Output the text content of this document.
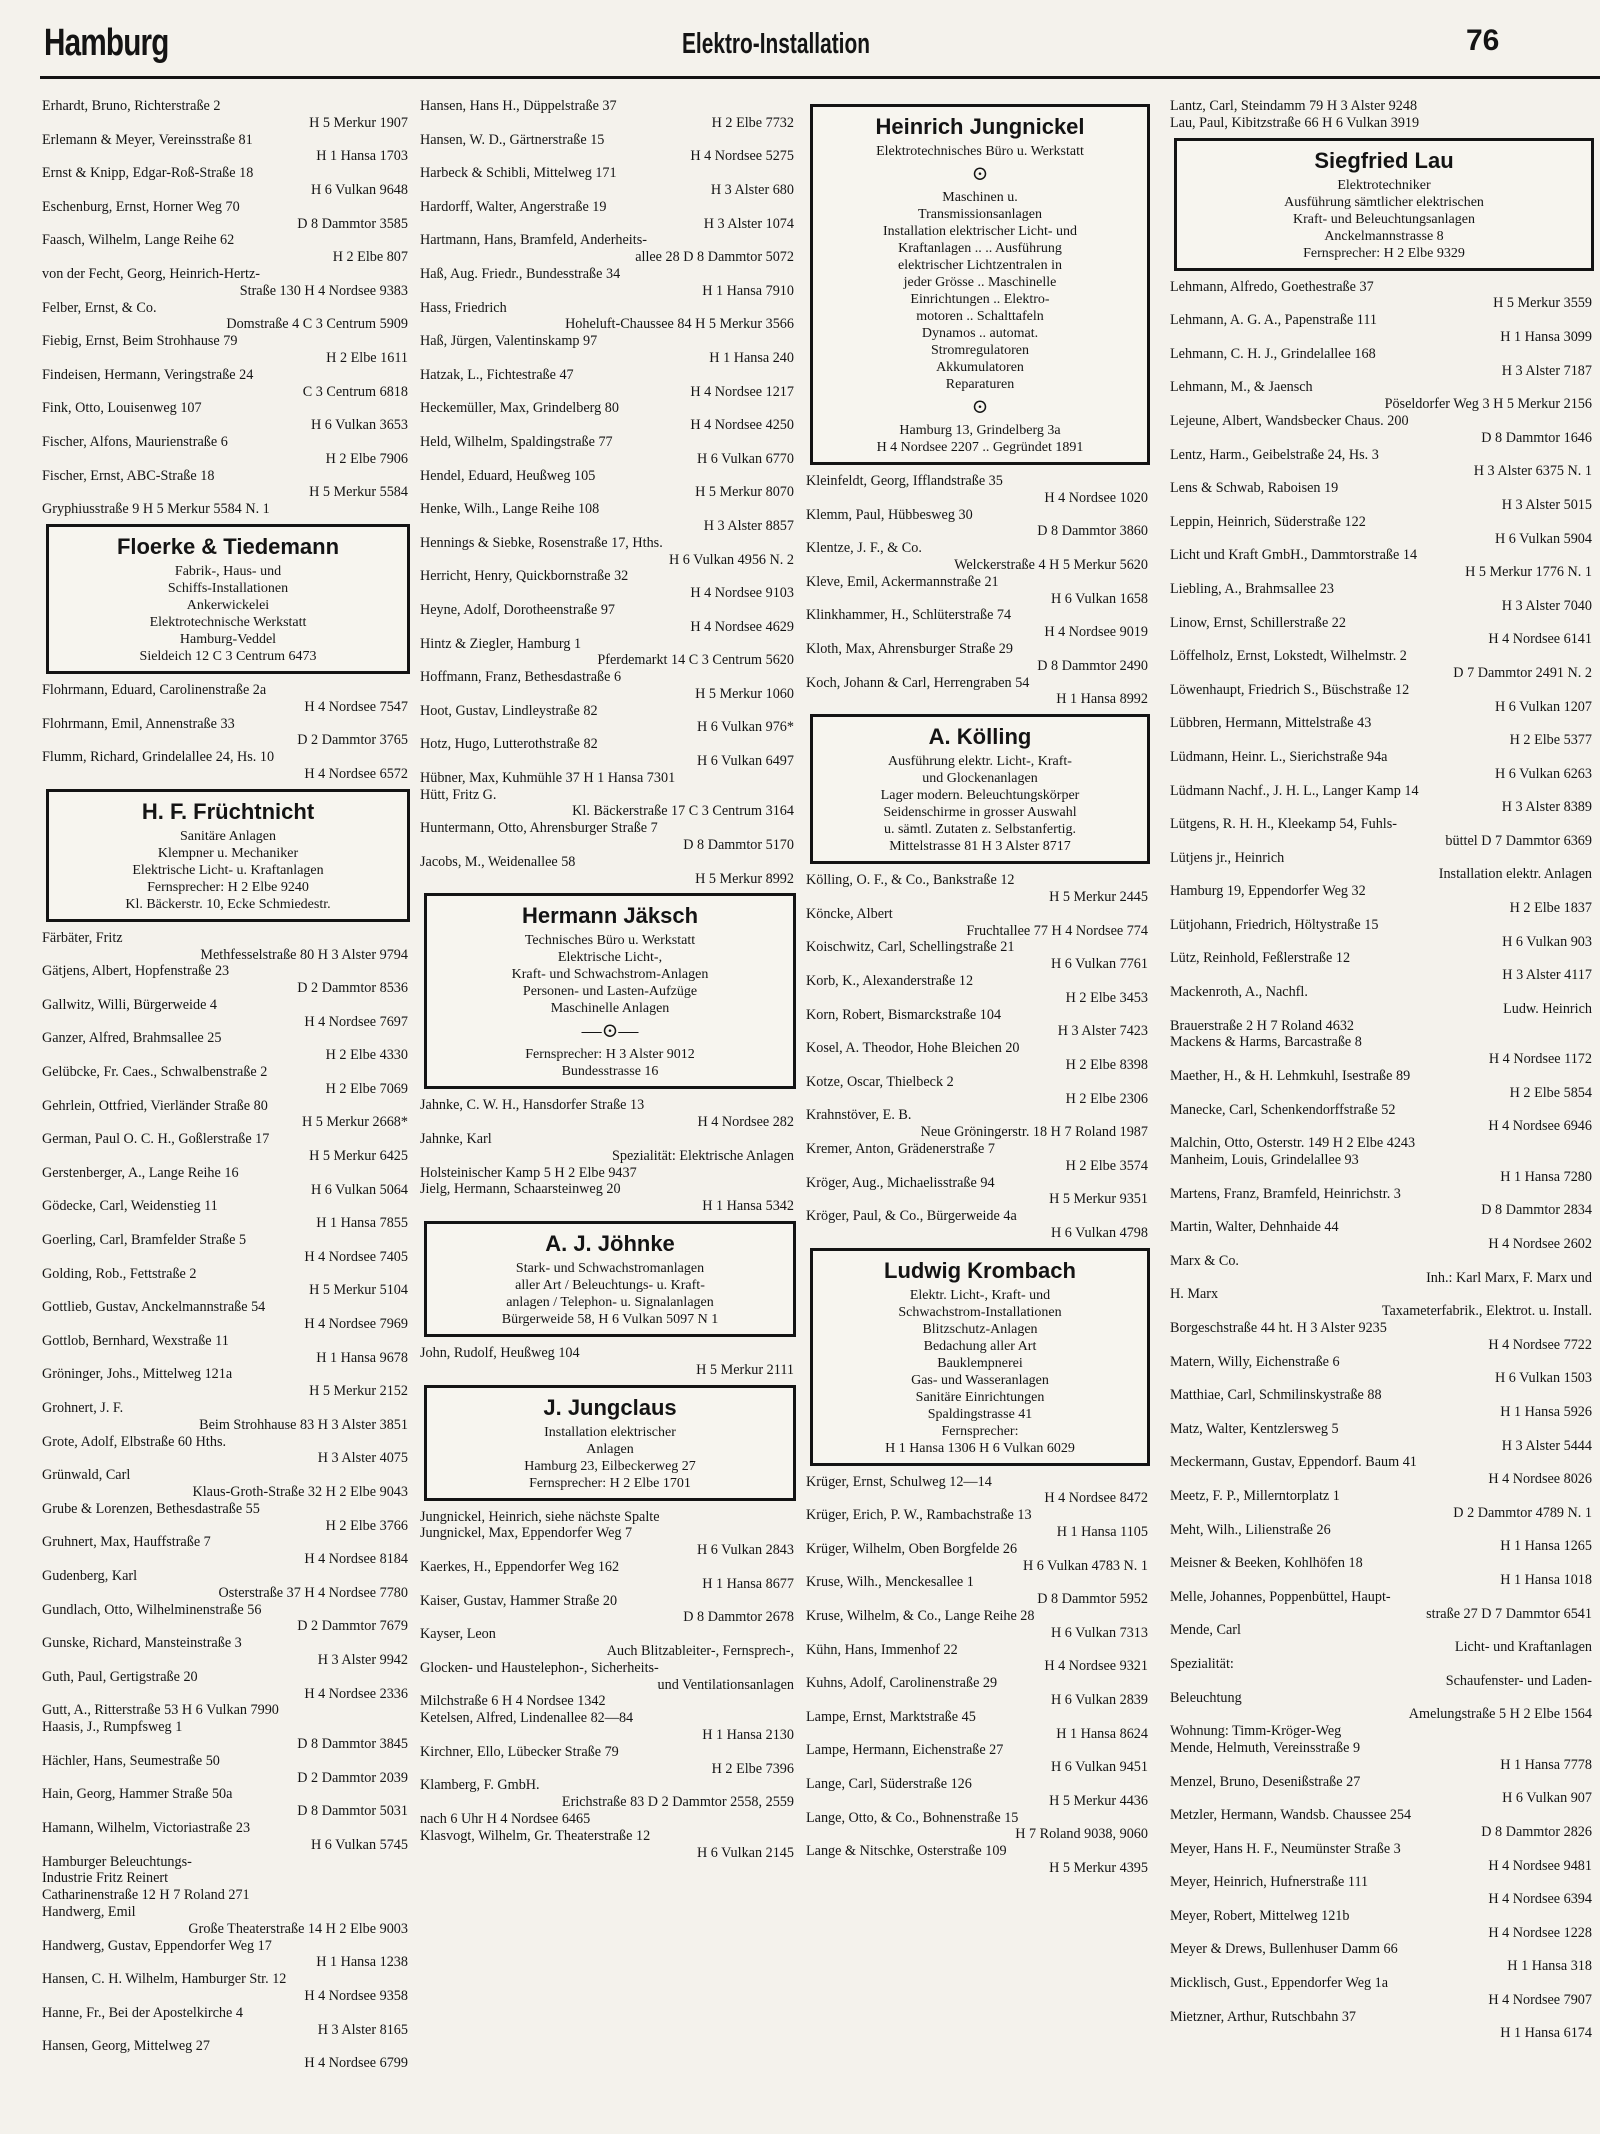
Hamburg	Elektro-Installation	76
Erhardt, Bruno, Richterstraße 2
H 5 Merkur 1907
Erlemann & Meyer, Vereinsstraße 81
H 1 Hansa 1703
Ernst & Knipp, Edgar-Roß-Straße 18
H 6 Vulkan 9648
Eschenburg, Ernst, Horner Weg 70
D 8 Dammtor 3585
Faasch, Wilhelm, Lange Reihe 62
H 2 Elbe 807
von der Fecht, Georg, Heinrich-Hertz-
Straße 130 H 4 Nordsee 9383
Felber, Ernst, & Co.
Domstraße 4 C 3 Centrum 5909
Fiebig, Ernst, Beim Strohhause 79
H 2 Elbe 1611
Findeisen, Hermann, Veringstraße 24
C 3 Centrum 6818
Fink, Otto, Louisenweg 107
H 6 Vulkan 3653
Fischer, Alfons, Maurienstraße 6
H 2 Elbe 7906
Fischer, Ernst, ABC-Straße 18
H 5 Merkur 5584
Gryphiusstraße 9 H 5 Merkur 5584 N. 1
Floerke & Tiedemann
Fabrik-, Haus- und
Schiffs-Installationen
Ankerwickelei
Elektrotechnische Werkstatt
Hamburg-Veddel
Sieldeich 12 C 3 Centrum 6473
Flohrmann, Eduard, Carolinenstraße 2a
H 4 Nordsee 7547
Flohrmann, Emil, Annenstraße 33
D 2 Dammtor 3765
Flumm, Richard, Grindelallee 24, Hs. 10
H 4 Nordsee 6572
H. F. Früchtnicht
Sanitäre Anlagen
Klempner u. Mechaniker
Elektrische Licht- u. Kraftanlagen
Fernsprecher: H 2 Elbe 9240
Kl. Bäckerstr. 10, Ecke Schmiedestr.
Färbäter, Fritz
Methfesselstraße 80 H 3 Alster 9794
Gätjens, Albert, Hopfenstraße 23
D 2 Dammtor 8536
Gallwitz, Willi, Bürgerweide 4
H 4 Nordsee 7697
Ganzer, Alfred, Brahmsallee 25
H 2 Elbe 4330
Gelübcke, Fr. Caes., Schwalbenstraße 2
H 2 Elbe 7069
Gehrlein, Ottfried, Vierländer Straße 80
H 5 Merkur 2668*
German, Paul O. C. H., Goßlerstraße 17
H 5 Merkur 6425
Gerstenberger, A., Lange Reihe 16
H 6 Vulkan 5064
Gödecke, Carl, Weidenstieg 11
H 1 Hansa 7855
Goerling, Carl, Bramfelder Straße 5
H 4 Nordsee 7405
Golding, Rob., Fettstraße 2
H 5 Merkur 5104
Gottlieb, Gustav, Anckelmannstraße 54
H 4 Nordsee 7969
Gottlob, Bernhard, Wexstraße 11
H 1 Hansa 9678
Gröninger, Johs., Mittelweg 121a
H 5 Merkur 2152
Grohnert, J. F.
Beim Strohhause 83 H 3 Alster 3851
Grote, Adolf, Elbstraße 60 Hths.
H 3 Alster 4075
Grünwald, Carl
Klaus-Groth-Straße 32 H 2 Elbe 9043
Grube & Lorenzen, Bethesdastraße 55
H 2 Elbe 3766
Gruhnert, Max, Hauffstraße 7
H 4 Nordsee 8184
Gudenberg, Karl
Osterstraße 37 H 4 Nordsee 7780
Gundlach, Otto, Wilhelminenstraße 56
D 2 Dammtor 7679
Gunske, Richard, Mansteinstraße 3
H 3 Alster 9942
Guth, Paul, Gertigstraße 20
H 4 Nordsee 2336
Gutt, A., Ritterstraße 53 H 6 Vulkan 7990
Haasis, J., Rumpfsweg 1
D 8 Dammtor 3845
Hächler, Hans, Seumestraße 50
D 2 Dammtor 2039
Hain, Georg, Hammer Straße 50a
D 8 Dammtor 5031
Hamann, Wilhelm, Victoriastraße 23
H 6 Vulkan 5745
Hamburger Beleuchtungs-
Industrie Fritz Reinert
Catharinenstraße 12 H 7 Roland 271
Handwerg, Emil
Große Theaterstraße 14 H 2 Elbe 9003
Handwerg, Gustav, Eppendorfer Weg 17
H 1 Hansa 1238
Hansen, C. H. Wilhelm, Hamburger Str. 12
H 4 Nordsee 9358
Hanne, Fr., Bei der Apostelkirche 4
H 3 Alster 8165
Hansen, Georg, Mittelweg 27
H 4 Nordsee 6799
Hansen, Hans H., Düppelstraße 37
H 2 Elbe 7732
Hansen, W. D., Gärtnerstraße 15
H 4 Nordsee 5275
Harbeck & Schibli, Mittelweg 171
H 3 Alster 680
Hardorff, Walter, Angerstraße 19
H 3 Alster 1074
Hartmann, Hans, Bramfeld, Anderheits-
allee 28 D 8 Dammtor 5072
Haß, Aug. Friedr., Bundesstraße 34
H 1 Hansa 7910
Hass, Friedrich
Hoheluft-Chaussee 84 H 5 Merkur 3566
Haß, Jürgen, Valentinskamp 97
H 1 Hansa 240
Hatzak, L., Fichtestraße 47
H 4 Nordsee 1217
Heckemüller, Max, Grindelberg 80
H 4 Nordsee 4250
Held, Wilhelm, Spaldingstraße 77
H 6 Vulkan 6770
Hendel, Eduard, Heußweg 105
H 5 Merkur 8070
Henke, Wilh., Lange Reihe 108
H 3 Alster 8857
Hennings & Siebke, Rosenstraße 17, Hths.
H 6 Vulkan 4956 N. 2
Herricht, Henry, Quickbornstraße 32
H 4 Nordsee 9103
Heyne, Adolf, Dorotheenstraße 97
H 4 Nordsee 4629
Hintz & Ziegler, Hamburg 1
Pferdemarkt 14 C 3 Centrum 5620
Hoffmann, Franz, Bethesdastraße 6
H 5 Merkur 1060
Hoot, Gustav, Lindleystraße 82
H 6 Vulkan 976*
Hotz, Hugo, Lutterothstraße 82
H 6 Vulkan 6497
Hübner, Max, Kuhmühle 37 H 1 Hansa 7301
Hütt, Fritz G.
Kl. Bäckerstraße 17 C 3 Centrum 3164
Huntermann, Otto, Ahrensburger Straße 7
D 8 Dammtor 5170
Jacobs, M., Weidenallee 58
H 5 Merkur 8992
Hermann Jäksch
Technisches Büro u. Werkstatt
Elektrische Licht-,
Kraft- und Schwachstrom-Anlagen
Personen- und Lasten-Aufzüge
Maschinelle Anlagen
—⊙—
Fernsprecher: H 3 Alster 9012
Bundesstrasse 16
Jahnke, C. W. H., Hansdorfer Straße 13
H 4 Nordsee 282
Jahnke, Karl
Spezialität: Elektrische Anlagen
Holsteinischer Kamp 5 H 2 Elbe 9437
Jielg, Hermann, Schaarsteinweg 20
H 1 Hansa 5342
A. J. Jöhnke
Stark- und Schwachstromanlagen
aller Art / Beleuchtungs- u. Kraft-
anlagen / Telephon- u. Signalanlagen
Bürgerweide 58, H 6 Vulkan 5097 N 1
John, Rudolf, Heußweg 104
H 5 Merkur 2111
J. Jungclaus
Installation elektrischer
Anlagen
Hamburg 23, Eilbeckerweg 27
Fernsprecher: H 2 Elbe 1701
Jungnickel, Heinrich, siehe nächste Spalte
Jungnickel, Max, Eppendorfer Weg 7
H 6 Vulkan 2843
Kaerkes, H., Eppendorfer Weg 162
H 1 Hansa 8677
Kaiser, Gustav, Hammer Straße 20
D 8 Dammtor 2678
Kayser, Leon
Auch Blitzableiter-, Fernsprech-,
Glocken- und Haustelephon-, Sicherheits-
und Ventilationsanlagen
Milchstraße 6 H 4 Nordsee 1342
Ketelsen, Alfred, Lindenallee 82—84
H 1 Hansa 2130
Kirchner, Ello, Lübecker Straße 79
H 2 Elbe 7396
Klamberg, F. GmbH.
Erichstraße 83 D 2 Dammtor 2558, 2559
nach 6 Uhr H 4 Nordsee 6465
Klasvogt, Wilhelm, Gr. Theaterstraße 12
H 6 Vulkan 2145
Heinrich Jungnickel
Elektrotechnisches Büro u. Werkstatt
⊙
Maschinen u.
Transmissionsanlagen
Installation elektrischer Licht- und
Kraftanlagen .. .. Ausführung
elektrischer Lichtzentralen in
jeder Grösse .. Maschinelle
Einrichtungen .. Elektro-
motoren .. Schalttafeln
Dynamos .. automat.
Stromregulatoren
Akkumulatoren
Reparaturen
⊙
Hamburg 13, Grindelberg 3a
H 4 Nordsee 2207 .. Gegründet 1891
Kleinfeldt, Georg, Ifflandstraße 35
H 4 Nordsee 1020
Klemm, Paul, Hübbesweg 30
D 8 Dammtor 3860
Klentze, J. F., & Co.
Welckerstraße 4 H 5 Merkur 5620
Kleve, Emil, Ackermannstraße 21
H 6 Vulkan 1658
Klinkhammer, H., Schlüterstraße 74
H 4 Nordsee 9019
Kloth, Max, Ahrensburger Straße 29
D 8 Dammtor 2490
Koch, Johann & Carl, Herrengraben 54
H 1 Hansa 8992
A. Kölling
Ausführung elektr. Licht-, Kraft-
und Glockenanlagen
Lager modern. Beleuchtungskörper
Seidenschirme in grosser Auswahl
u. sämtl. Zutaten z. Selbstanfertig.
Mittelstrasse 81 H 3 Alster 8717
Kölling, O. F., & Co., Bankstraße 12
H 5 Merkur 2445
Köncke, Albert
Fruchtallee 77 H 4 Nordsee 774
Koischwitz, Carl, Schellingstraße 21
H 6 Vulkan 7761
Korb, K., Alexanderstraße 12
H 2 Elbe 3453
Korn, Robert, Bismarckstraße 104
H 3 Alster 7423
Kosel, A. Theodor, Hohe Bleichen 20
H 2 Elbe 8398
Kotze, Oscar, Thielbeck 2
H 2 Elbe 2306
Krahnstöver, E. B.
Neue Gröningerstr. 18 H 7 Roland 1987
Kremer, Anton, Grädenerstraße 7
H 2 Elbe 3574
Kröger, Aug., Michaelisstraße 94
H 5 Merkur 9351
Kröger, Paul, & Co., Bürgerweide 4a
H 6 Vulkan 4798
Ludwig Krombach
Elektr. Licht-, Kraft- und
Schwachstrom-Installationen
Blitzschutz-Anlagen
Bedachung aller Art
Bauklempnerei
Gas- und Wasseranlagen
Sanitäre Einrichtungen
Spaldingstrasse 41
Fernsprecher:
H 1 Hansa 1306 H 6 Vulkan 6029
Krüger, Ernst, Schulweg 12—14
H 4 Nordsee 8472
Krüger, Erich, P. W., Rambachstraße 13
H 1 Hansa 1105
Krüger, Wilhelm, Oben Borgfelde 26
H 6 Vulkan 4783 N. 1
Kruse, Wilh., Menckesallee 1
D 8 Dammtor 5952
Kruse, Wilhelm, & Co., Lange Reihe 28
H 6 Vulkan 7313
Kühn, Hans, Immenhof 22
H 4 Nordsee 9321
Kuhns, Adolf, Carolinenstraße 29
H 6 Vulkan 2839
Lampe, Ernst, Marktstraße 45
H 1 Hansa 8624
Lampe, Hermann, Eichenstraße 27
H 6 Vulkan 9451
Lange, Carl, Süderstraße 126
H 5 Merkur 4436
Lange, Otto, & Co., Bohnenstraße 15
H 7 Roland 9038, 9060
Lange & Nitschke, Osterstraße 109
H 5 Merkur 4395
Lantz, Carl, Steindamm 79 H 3 Alster 9248
Lau, Paul, Kibitzstraße 66 H 6 Vulkan 3919
Siegfried Lau
Elektrotechniker
Ausführung sämtlicher elektrischen
Kraft- und Beleuchtungsanlagen
Anckelmannstrasse 8
Fernsprecher: H 2 Elbe 9329
Lehmann, Alfredo, Goethestraße 37
H 5 Merkur 3559
Lehmann, A. G. A., Papenstraße 111
H 1 Hansa 3099
Lehmann, C. H. J., Grindelallee 168
H 3 Alster 7187
Lehmann, M., & Jaensch
Pöseldorfer Weg 3 H 5 Merkur 2156
Lejeune, Albert, Wandsbecker Chaus. 200
D 8 Dammtor 1646
Lentz, Harm., Geibelstraße 24, Hs. 3
H 3 Alster 6375 N. 1
Lens & Schwab, Raboisen 19
H 3 Alster 5015
Leppin, Heinrich, Süderstraße 122
H 6 Vulkan 5904
Licht und Kraft GmbH., Dammtorstraße 14
H 5 Merkur 1776 N. 1
Liebling, A., Brahmsallee 23
H 3 Alster 7040
Linow, Ernst, Schillerstraße 22
H 4 Nordsee 6141
Löffelholz, Ernst, Lokstedt, Wilhelmstr. 2
D 7 Dammtor 2491 N. 2
Löwenhaupt, Friedrich S., Büschstraße 12
H 6 Vulkan 1207
Lübbren, Hermann, Mittelstraße 43
H 2 Elbe 5377
Lüdmann, Heinr. L., Sierichstraße 94a
H 6 Vulkan 6263
Lüdmann Nachf., J. H. L., Langer Kamp 14
H 3 Alster 8389
Lütgens, R. H. H., Kleekamp 54, Fuhls-
büttel D 7 Dammtor 6369
Lütjens jr., Heinrich
Installation elektr. Anlagen
Hamburg 19, Eppendorfer Weg 32
H 2 Elbe 1837
Lütjohann, Friedrich, Höltystraße 15
H 6 Vulkan 903
Lütz, Reinhold, Feßlerstraße 12
H 3 Alster 4117
Mackenroth, A., Nachfl.
Ludw. Heinrich
Brauerstraße 2 H 7 Roland 4632
Mackens & Harms, Barcastraße 8
H 4 Nordsee 1172
Maether, H., & H. Lehmkuhl, Isestraße 89
H 2 Elbe 5854
Manecke, Carl, Schenkendorffstraße 52
H 4 Nordsee 6946
Malchin, Otto, Osterstr. 149 H 2 Elbe 4243
Manheim, Louis, Grindelallee 93
H 1 Hansa 7280
Martens, Franz, Bramfeld, Heinrichstr. 3
D 8 Dammtor 2834
Martin, Walter, Dehnhaide 44
H 4 Nordsee 2602
Marx & Co.
Inh.: Karl Marx, F. Marx und
H. Marx
Taxameterfabrik., Elektrot. u. Install.
Borgeschstraße 44 ht. H 3 Alster 9235
H 4 Nordsee 7722
Matern, Willy, Eichenstraße 6
H 6 Vulkan 1503
Matthiae, Carl, Schmilinskystraße 88
H 1 Hansa 5926
Matz, Walter, Kentzlersweg 5
H 3 Alster 5444
Meckermann, Gustav, Eppendorf. Baum 41
H 4 Nordsee 8026
Meetz, F. P., Millerntorplatz 1
D 2 Dammtor 4789 N. 1
Meht, Wilh., Lilienstraße 26
H 1 Hansa 1265
Meisner & Beeken, Kohlhöfen 18
H 1 Hansa 1018
Melle, Johannes, Poppenbüttel, Haupt-
straße 27 D 7 Dammtor 6541
Mende, Carl
Licht- und Kraftanlagen
Spezialität:
Schaufenster- und Laden-
Beleuchtung
Amelungstraße 5 H 2 Elbe 1564
Wohnung: Timm-Kröger-Weg
Mende, Helmuth, Vereinsstraße 9
H 1 Hansa 7778
Menzel, Bruno, Desenißstraße 27
H 6 Vulkan 907
Metzler, Hermann, Wandsb. Chaussee 254
D 8 Dammtor 2826
Meyer, Hans H. F., Neumünster Straße 3
H 4 Nordsee 9481
Meyer, Heinrich, Hufnerstraße 111
H 4 Nordsee 6394
Meyer, Robert, Mittelweg 121b
H 4 Nordsee 1228
Meyer & Drews, Bullenhuser Damm 66
H 1 Hansa 318
Micklisch, Gust., Eppendorfer Weg 1a
H 4 Nordsee 7907
Mietzner, Arthur, Rutschbahn 37
H 1 Hansa 6174
